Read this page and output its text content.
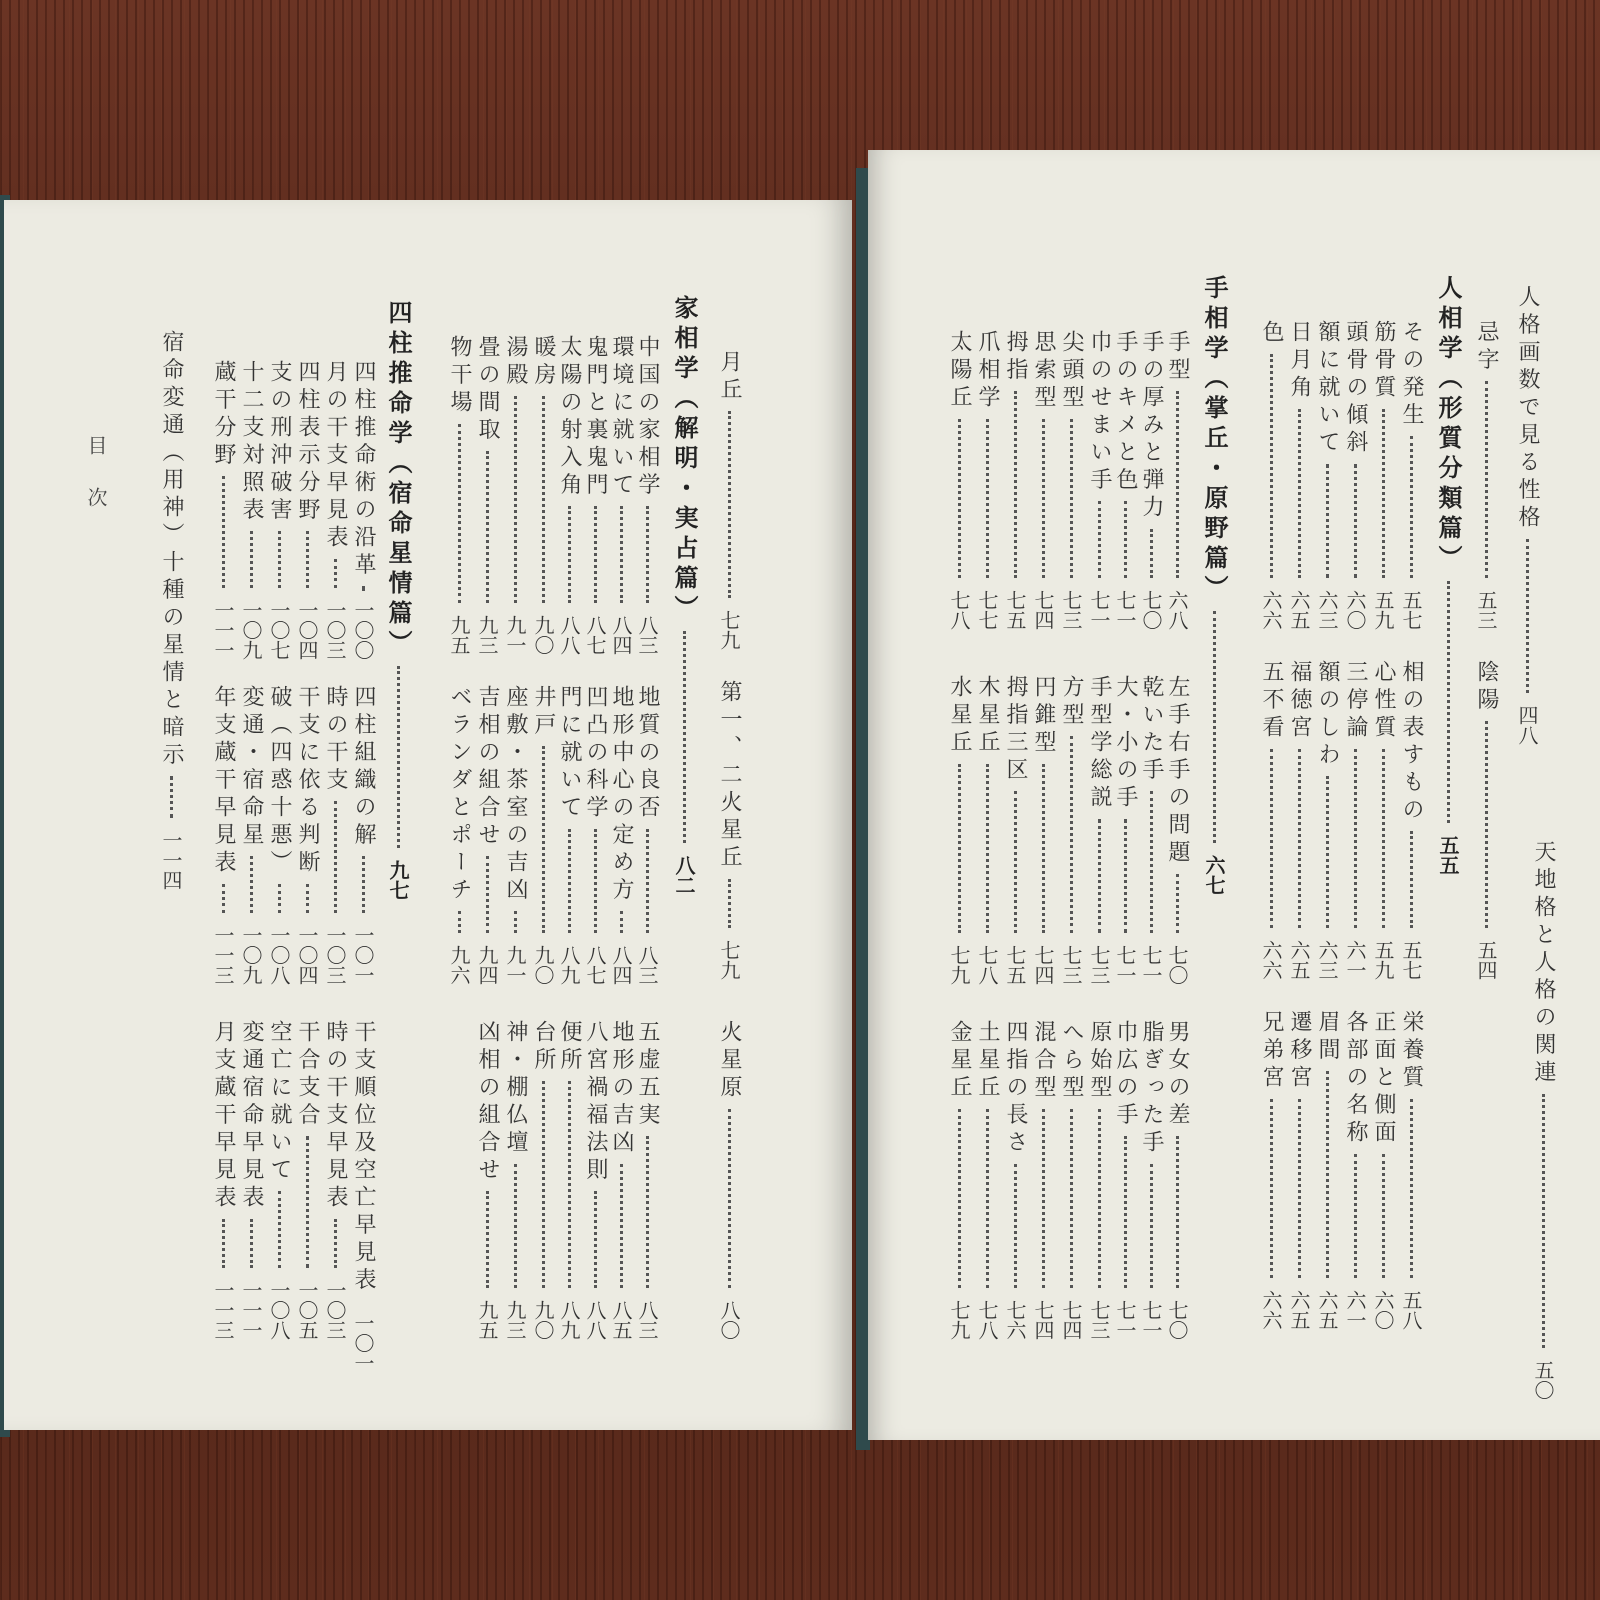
月丘
七九
第一、二火星丘
七九
火星原
八〇
家相学（解明・実占篇）
八二
中国の家相学
八三
環境に就いて
八四
鬼門と裏鬼門
八七
太陽の射入角
八八
暖房
九〇
湯殿
九一
畳の間取
九三
物干場
九五
地質の良否
八三
地形中心の定め方
八四
凹凸の科学
八七
門に就いて
八九
井戸
九〇
座敷・茶室の吉凶
九一
吉相の組合せ
九四
ベランダとポーチ
九六
五虚五実
八三
地形の吉凶
八五
八宮禍福法則
八八
便所
八九
台所
九〇
神・棚仏壇
九三
凶相の組合せ
九五
四柱推命学（宿命星情篇）
九七
四柱推命術の沿革
一〇〇
月の干支早見表
一〇三
四柱表示分野
一〇四
支の刑沖破害
一〇七
十二支対照表
一〇九
蔵干分野
一一一
四柱組織の解
一〇一
時の干支
一〇三
干支に依る判断
一〇四
破（四惑十悪）
一〇八
変通・宿命星
一〇九
年支蔵干早見表
一一三
干支順位及空亡早見表
一〇一
時の干支早見表
一〇三
干合支合
一〇五
空亡に就いて
一〇八
変通宿命早見表
一一一
月支蔵干早見表
一一三
宿命変通（用神）十種の星情と暗示
一一四
目次	人格画数で見る性格
四八
天地格と人格の関連
五〇
忌字
五三
陰陽
五四
人相学（形質分類篇）
五五
その発生
五七
筋骨質
五九
頭骨の傾斜
六〇
額に就いて
六三
日月角
六五
色
六六
相の表すもの
五七
心性質
五九
三停論
六一
額のしわ
六三
福徳宮
六五
五不看
六六
栄養質
五八
正面と側面
六〇
各部の名称
六一
眉間
六五
遷移宮
六五
兄弟宮
六六
手相学（掌丘・原野篇）
六七
手型
六八
手の厚みと弾力
七〇
手のキメと色
七一
巾のせまい手
七一
尖頭型
七三
思索型
七四
拇指
七五
爪相学
七七
太陽丘
七八
左手右手の問題
七〇
乾いた手
七一
大・小の手
七一
手型学総説
七三
方型
七三
円錐型
七四
拇指三区
七五
木星丘
七八
水星丘
七九
男女の差
七〇
脂ぎった手
七一
巾広の手
七一
原始型
七三
へら型
七四
混合型
七四
四指の長さ
七六
土星丘
七八
金星丘
七九
